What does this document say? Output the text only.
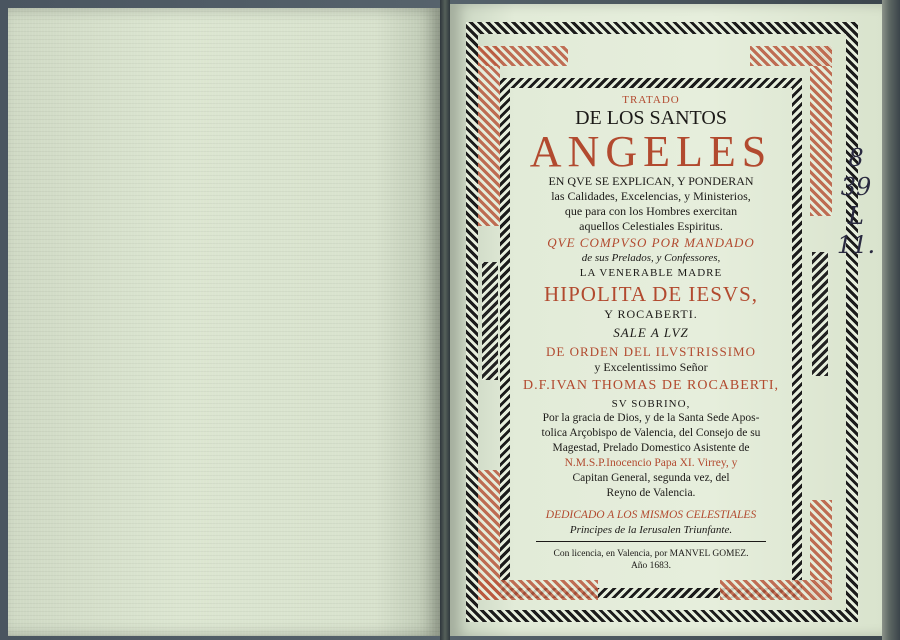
TRATADO
DE LOS SANTOS
ANGELES
EN QVE SE EXPLICAN, Y PONDERAN
las Calidades, Excelencias, y Ministerios,
que para con los Hombres exercitan
aquellos Celestiales Espiritus.
QVE COMPVSO POR MANDADO
de sus Prelados, y Confessores,
LA VENERABLE MADRE
HIPOLITA DE IESVS,
Y ROCABERTI.
SALE A LVZ
DE ORDEN DEL ILVSTRISSIMO
y Excelentissimo Señor
D.F.IVAN THOMAS DE ROCABERTI,
SV SOBRINO,
Por la gracia de Dios, y de la Santa Sede Apos-
tolica Arçobispo de Valencia, del Consejo de su
Magestad, Prelado Domestico Asistente de
N.M.S.P.Inocencio Papa XI. Virrey, y
Capitan General, segunda vez, del
Reyno de Valencia.
DEDICADO A LOS MISMOS CELESTIALES
Principes de la Ierusalen Triunfante.
Con licencia, en Valencia, por MANVEL GOMEZ.
Año 1683.
8
39
L
11.
